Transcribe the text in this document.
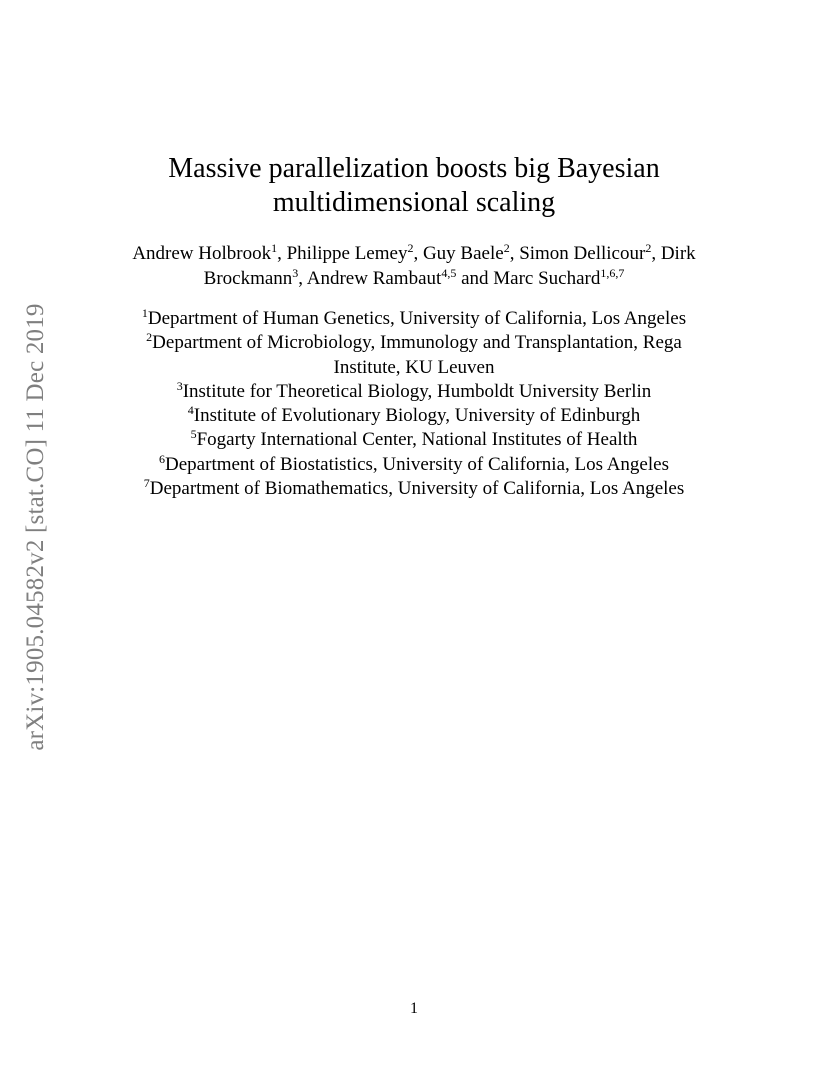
arXiv:1905.04582v2 [stat.CO] 11 Dec 2019
Massive parallelization boosts big Bayesian
multidimensional scaling
Andrew Holbrook$^1$, Philippe Lemey$^2$, Guy Baele$^2$, Simon Dellicour$^2$, Dirk
Brockmann$^3$, Andrew Rambaut$^{4,5}$ and Marc Suchard$^{1,6,7}$
$^1$Department of Human Genetics, University of California, Los Angeles
$^2$Department of Microbiology, Immunology and Transplantation, Rega
Institute, KU Leuven
$^3$Institute for Theoretical Biology, Humboldt University Berlin
$^4$Institute of Evolutionary Biology, University of Edinburgh
$^5$Fogarty International Center, National Institutes of Health
$^6$Department of Biostatistics, University of California, Los Angeles
$^7$Department of Biomathematics, University of California, Los Angeles
1
